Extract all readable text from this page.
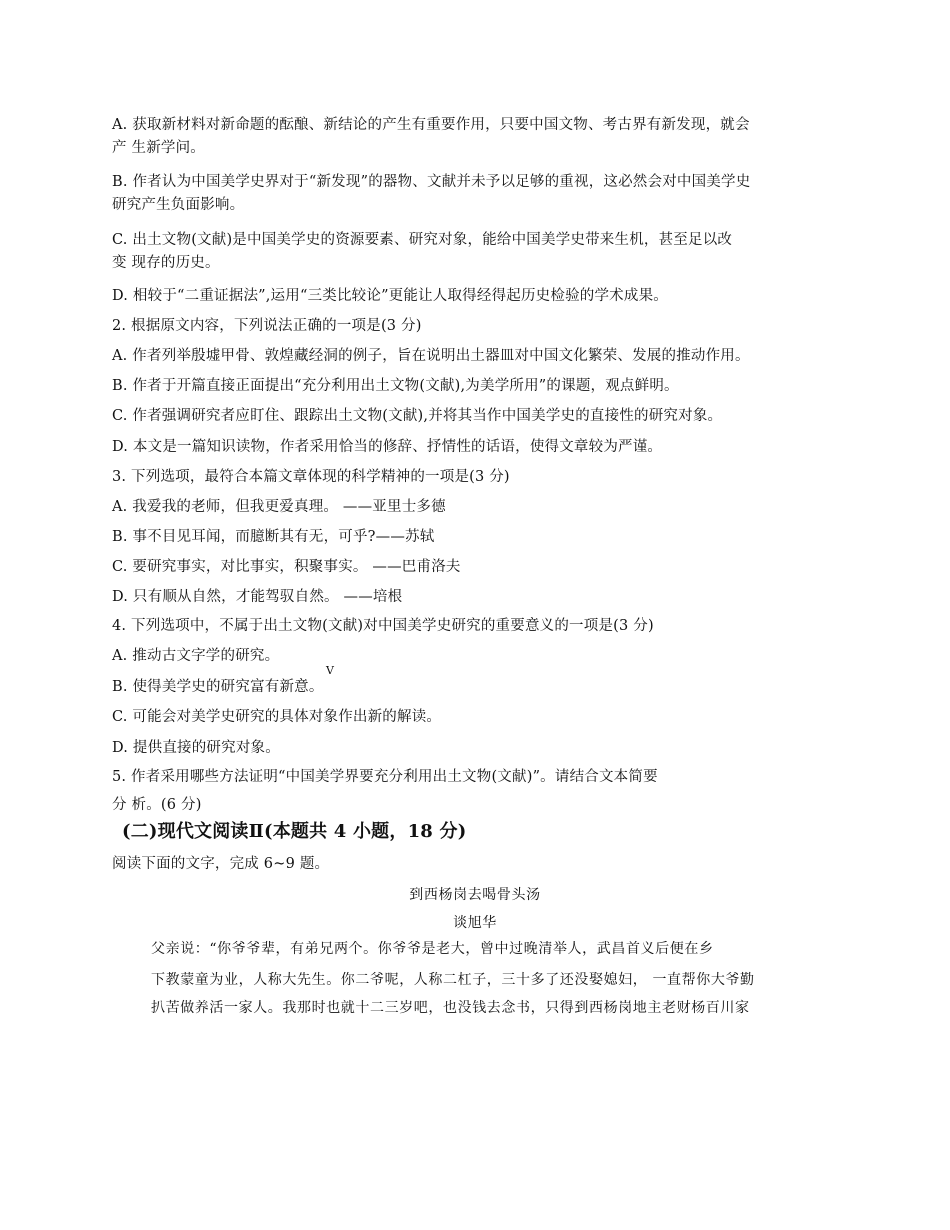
A. 获取新材料对新命题的酝酿、新结论的产生有重要作用，只要中国文物、考古界有新发现，就会
产 生新学问。
B. 作者认为中国美学史界对于“新发现”的器物、文献并未予以足够的重视，这必然会对中国美学史
研究产生负面影响。
C. 出土文物(文献)是中国美学史的资源要素、研究对象，能给中国美学史带来生机，甚至足以改
变 现存的历史。
D. 相较于“二重证据法”,运用“三类比较论”更能让人取得经得起历史检验的学术成果。
2. 根据原文内容，下列说法正确的一项是(3 分)
A. 作者列举殷墟甲骨、敦煌藏经洞的例子，旨在说明出土器皿对中国文化繁荣、发展的推动作用。
B. 作者于开篇直接正面提出“充分利用出土文物(文献),为美学所用”的课题，观点鲜明。
C. 作者强调研究者应盯住、跟踪出土文物(文献),并将其当作中国美学史的直接性的研究对象。
D. 本文是一篇知识读物，作者采用恰当的修辞、抒情性的话语，使得文章较为严谨。
3. 下列选项，最符合本篇文章体现的科学精神的一项是(3 分)
A. 我爱我的老师，但我更爱真理。 ——亚里士多德
B. 事不目见耳闻，而臆断其有无，可乎?——苏轼
C. 要研究事实，对比事实，积聚事实。 ——巴甫洛夫
D. 只有顺从自然，才能驾驭自然。 ——培根
4. 下列选项中，不属于出土文物(文献)对中国美学史研究的重要意义的一项是(3 分)
A. 推动古文字学的研究。
V
B. 使得美学史的研究富有新意。
C. 可能会对美学史研究的具体对象作出新的解读。
D. 提供直接的研究对象。
5. 作者采用哪些方法证明“中国美学界要充分利用出土文物(文献)”。请结合文本简要
分 析。(6 分)
(二)现代文阅读Ⅱ(本题共 4 小题，18 分)
阅读下面的文字，完成 6~9 题。
到西杨岗去喝骨头汤
谈旭华
父亲说：“你爷爷辈，有弟兄两个。你爷爷是老大，曾中过晚清举人，武昌首义后便在乡
下教蒙童为业，人称大先生。你二爷呢，人称二杠子，三十多了还没娶媳妇， 一直帮你大爷勤
扒苦做养活一家人。我那时也就十二三岁吧，也没钱去念书，只得到西杨岗地主老财杨百川家
